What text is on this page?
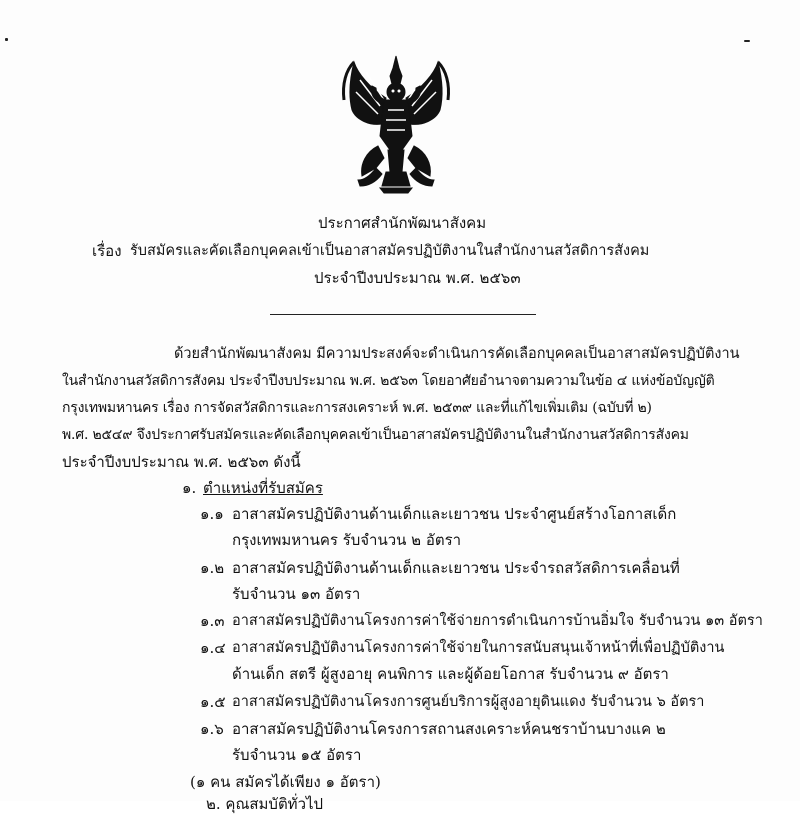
ประกาศสำนักพัฒนาสังคม
เรื่อง รับสมัครและคัดเลือกบุคคลเข้าเป็นอาสาสมัครปฏิบัติงานในสำนักงานสวัสดิการสังคม
ประจำปีงบประมาณ พ.ศ. ๒๕๖๓
ด้วยสำนักพัฒนาสังคม มีความประสงค์จะดำเนินการคัดเลือกบุคคลเป็นอาสาสมัครปฏิบัติงาน
ในสำนักงานสวัสดิการสังคม ประจำปีงบประมาณ พ.ศ. ๒๕๖๓ โดยอาศัยอำนาจตามความในข้อ ๔ แห่งข้อบัญญัติ
กรุงเทพมหานคร เรื่อง การจัดสวัสดิการและการสงเคราะห์ พ.ศ. ๒๕๓๙ และที่แก้ไขเพิ่มเติม (ฉบับที่ ๒)
พ.ศ. ๒๕๔๙ จึงประกาศรับสมัครและคัดเลือกบุคคลเข้าเป็นอาสาสมัครปฏิบัติงานในสำนักงานสวัสดิการสังคม
ประจำปีงบประมาณ พ.ศ. ๒๕๖๓ ดังนี้
๑. ตำแหน่งที่รับสมัคร
๑.๑ อาสาสมัครปฏิบัติงานด้านเด็กและเยาวชน ประจำศูนย์สร้างโอกาสเด็ก
กรุงเทพมหานคร รับจำนวน ๒ อัตรา
๑.๒ อาสาสมัครปฏิบัติงานด้านเด็กและเยาวชน ประจำรถสวัสดิการเคลื่อนที่
รับจำนวน ๑๓ อัตรา
๑.๓ อาสาสมัครปฏิบัติงานโครงการค่าใช้จ่ายการดำเนินการบ้านอิ่มใจ รับจำนวน ๑๓ อัตรา
๑.๔ อาสาสมัครปฏิบัติงานโครงการค่าใช้จ่ายในการสนับสนุนเจ้าหน้าที่เพื่อปฏิบัติงาน
ด้านเด็ก สตรี ผู้สูงอายุ คนพิการ และผู้ด้อยโอกาส รับจำนวน ๙ อัตรา
๑.๕ อาสาสมัครปฏิบัติงานโครงการศูนย์บริการผู้สูงอายุดินแดง รับจำนวน ๖ อัตรา
๑.๖ อาสาสมัครปฏิบัติงานโครงการสถานสงเคราะห์คนชราบ้านบางแค ๒
รับจำนวน ๑๕ อัตรา
(๑ คน สมัครได้เพียง ๑ อัตรา)
๒. คุณสมบัติทั่วไป
